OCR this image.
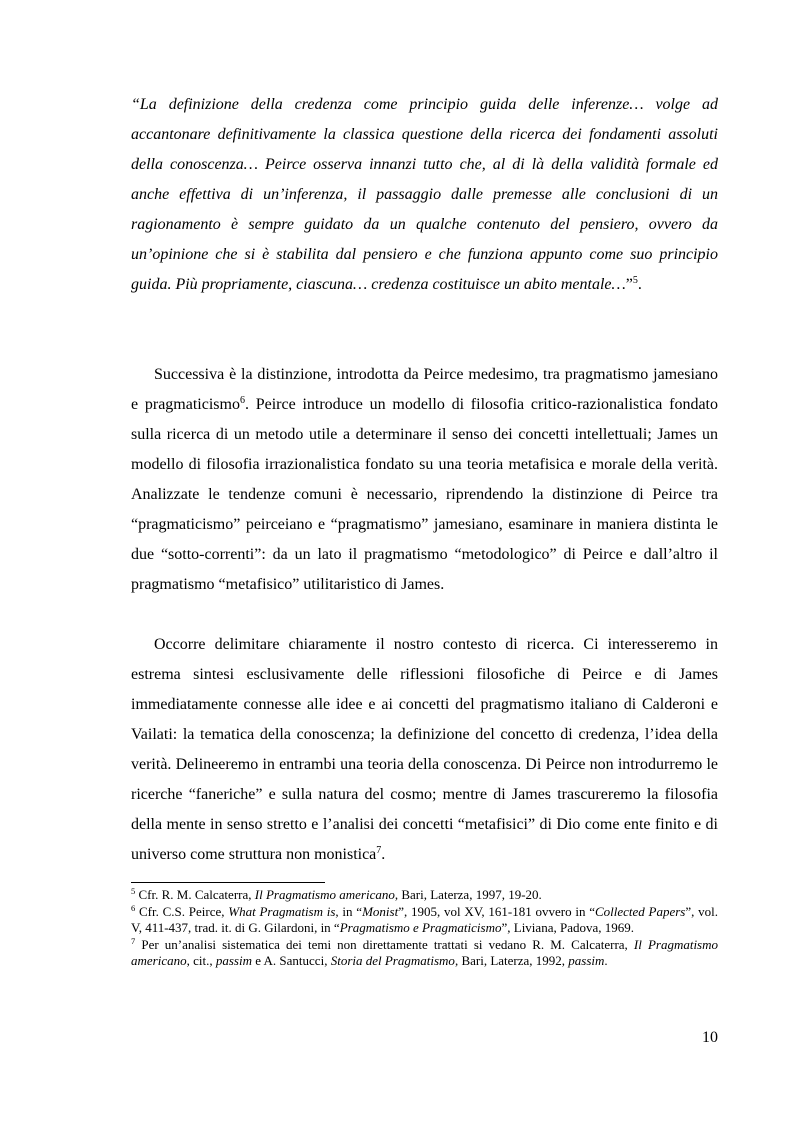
“La definizione della credenza come principio guida delle inferenze… volge ad accantonare definitivamente la classica questione della ricerca dei fondamenti assoluti della conoscenza… Peirce osserva innanzi tutto che, al di là della validità formale ed anche effettiva di un’inferenza, il passaggio dalle premesse alle conclusioni di un ragionamento è sempre guidato da un qualche contenuto del pensiero, ovvero da un’opinione che si è stabilita dal pensiero e che funziona appunto come suo principio guida. Più propriamente, ciascuna… credenza costituisce un abito mentale…”$^5$.

Successiva è la distinzione, introdotta da Peirce medesimo, tra pragmatismo jamesiano e pragmaticismo$^6$. Peirce introduce un modello di filosofia critico-razionalistica fondato sulla ricerca di un metodo utile a determinare il senso dei concetti intellettuali; James un modello di filosofia irrazionalistica fondato su una teoria metafisica e morale della verità. Analizzate le tendenze comuni è necessario, riprendendo la distinzione di Peirce tra “pragmaticismo” peirceiano e “pragmatismo” jamesiano, esaminare in maniera distinta le due “sotto-correnti”: da un lato il pragmatismo “metodologico” di Peirce e dall’altro il pragmatismo “metafisico” utilitaristico di James.

Occorre delimitare chiaramente il nostro contesto di ricerca. Ci interesseremo in estrema sintesi esclusivamente delle riflessioni filosofiche di Peirce e di James immediatamente connesse alle idee e ai concetti del pragmatismo italiano di Calderoni e Vailati: la tematica della conoscenza; la definizione del concetto di credenza, l’idea della verità. Delineeremo in entrambi una teoria della conoscenza. Di Peirce non introdurremo le ricerche “faneriche” e sulla natura del cosmo; mentre di James trascureremo la filosofia della mente in senso stretto e l’analisi dei concetti “metafisici” di Dio come ente finito e di universo come struttura non monistica$^7$.

$^5$ Cfr. R. M. Calcaterra, Il Pragmatismo americano, Bari, Laterza, 1997, 19-20.

$^6$ Cfr. C.S. Peirce, What Pragmatism is, in “Monist”, 1905, vol XV, 161-181 ovvero in “Collected Papers”, vol. V, 411-437, trad. it. di G. Gilardoni, in “Pragmatismo e Pragmaticismo”, Liviana, Padova, 1969.

$^7$ Per un’analisi sistematica dei temi non direttamente trattati si vedano R. M. Calcaterra, Il Pragmatismo americano, cit., passim e A. Santucci, Storia del Pragmatismo, Bari, Laterza, 1992, passim.

10
